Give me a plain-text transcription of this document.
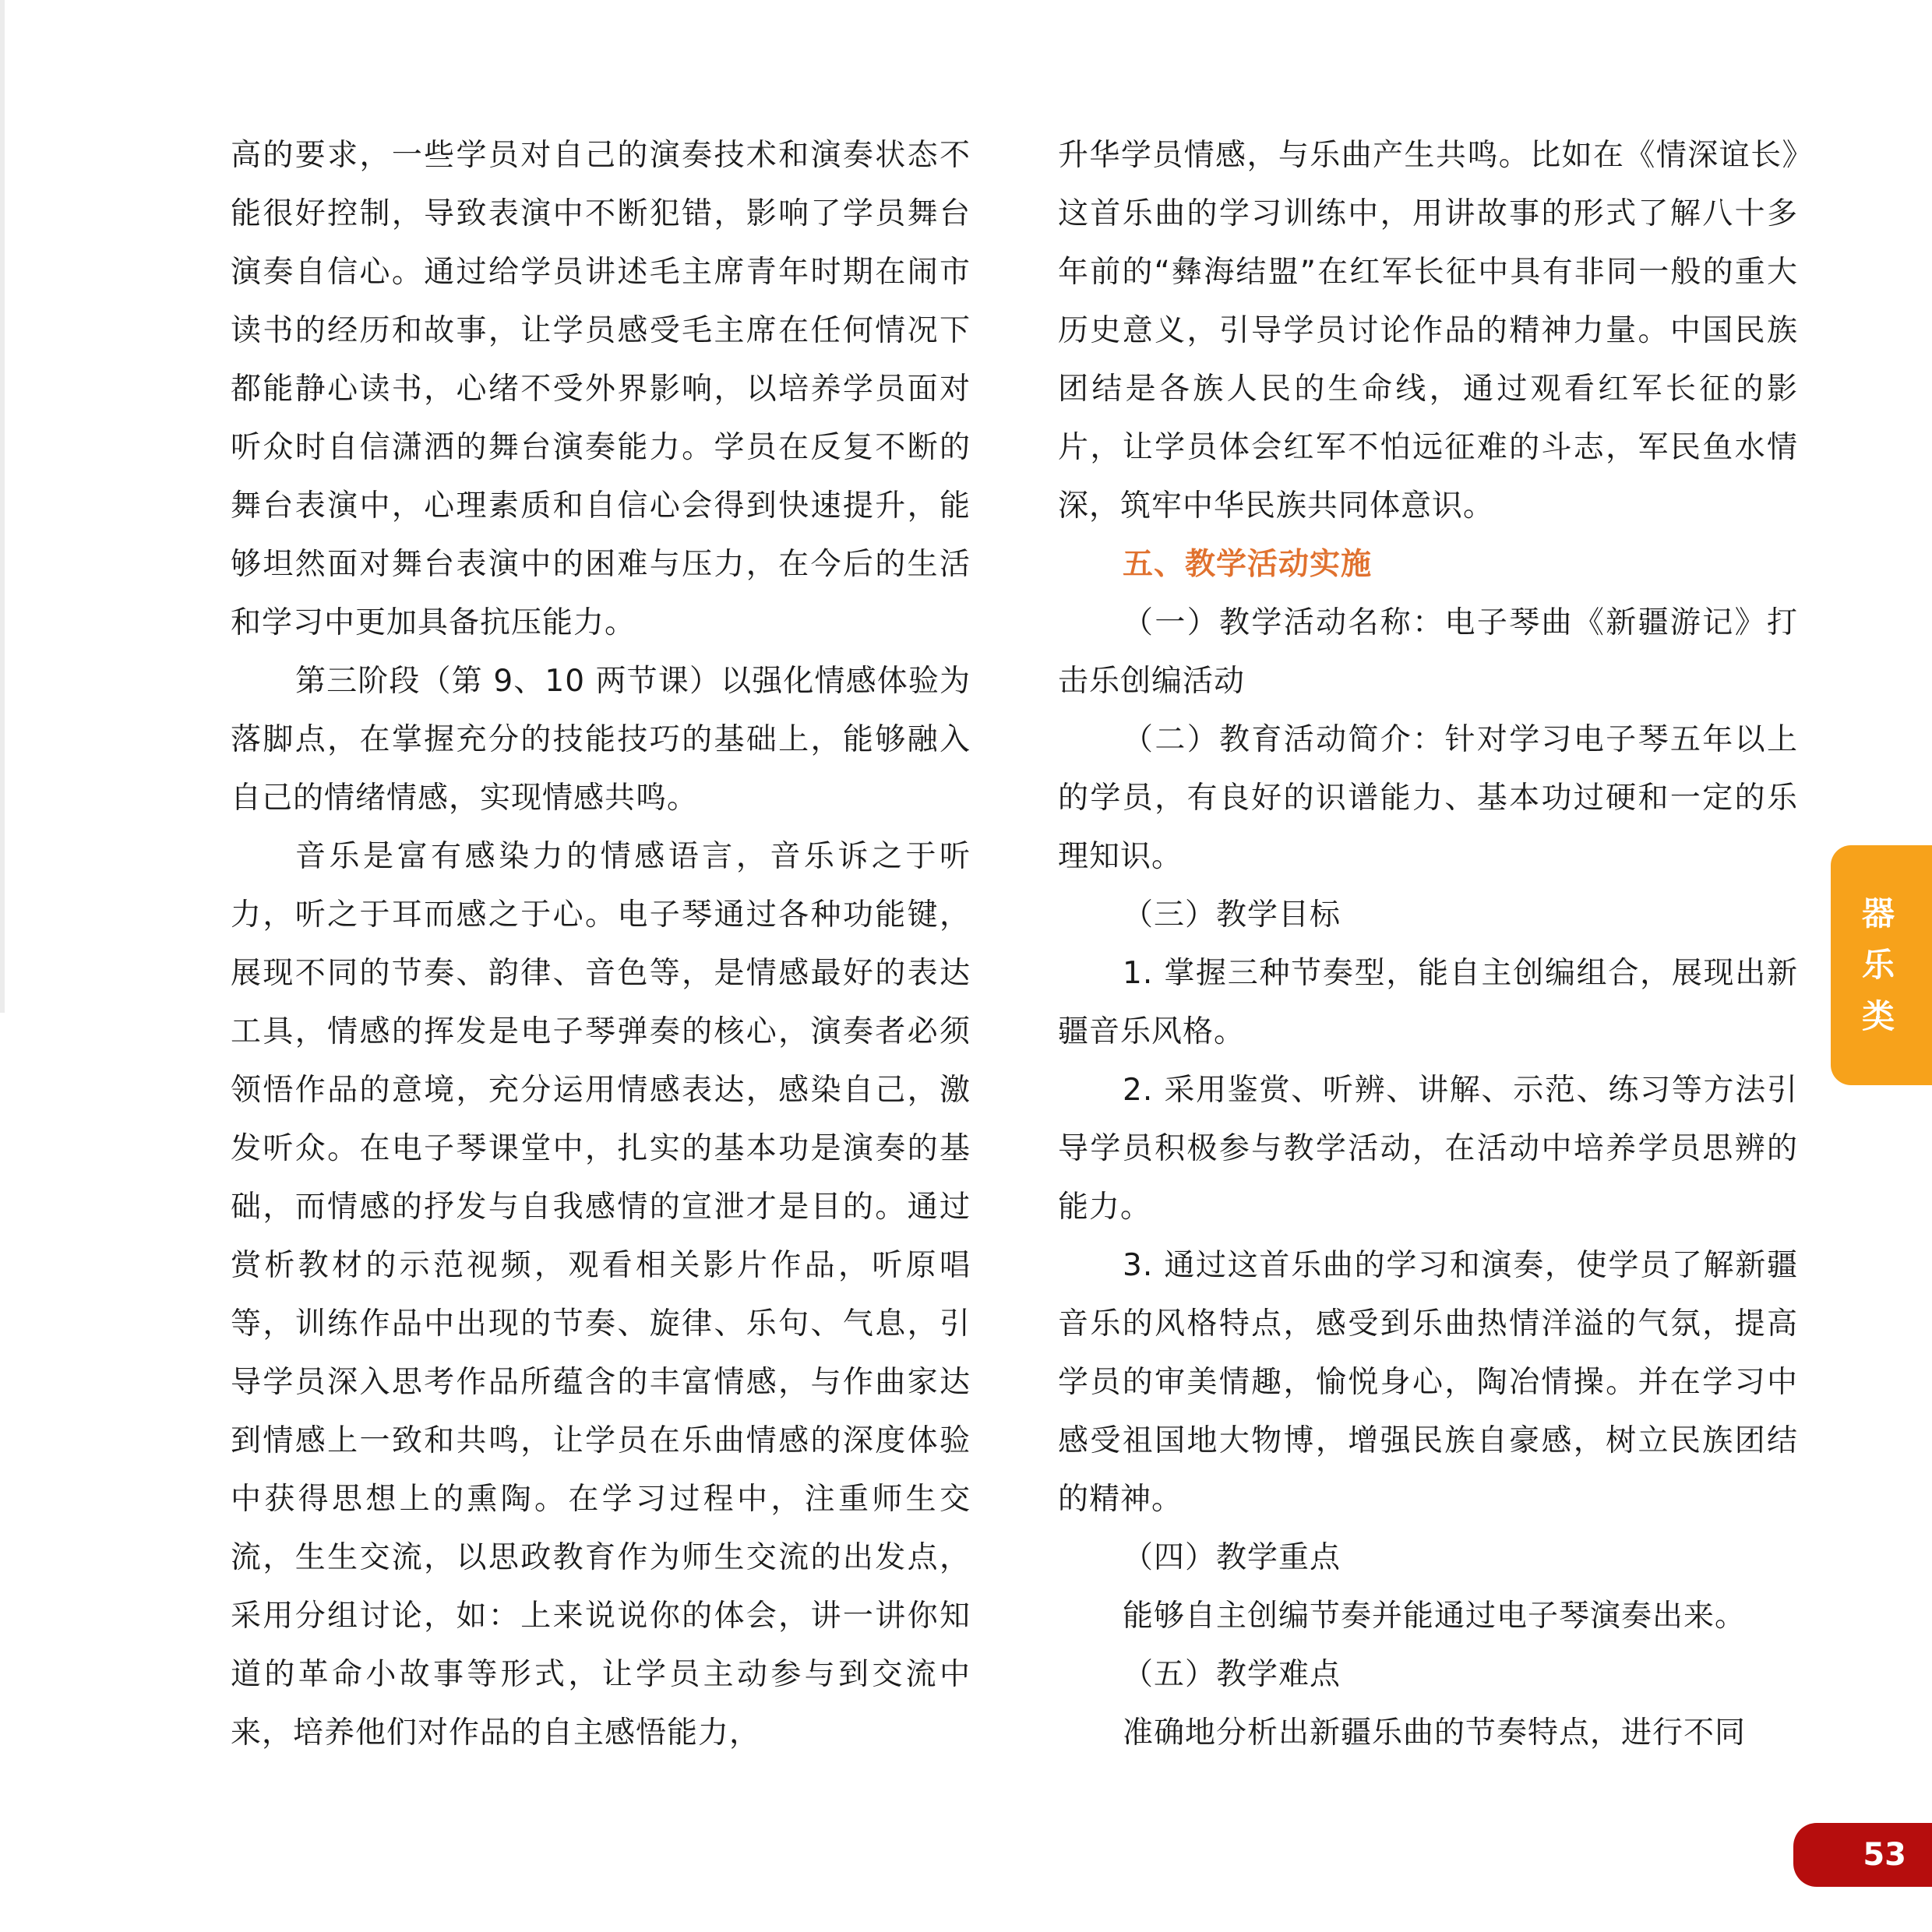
高的要求，一些学员对自己的演奏技术和演奏状态不能很好控制，导致表演中不断犯错，影响了学员舞台演奏自信心。通过给学员讲述毛主席青年时期在闹市读书的经历和故事，让学员感受毛主席在任何情况下都能静心读书，心绪不受外界影响，以培养学员面对听众时自信潇洒的舞台演奏能力。学员在反复不断的舞台表演中，心理素质和自信心会得到快速提升，能够坦然面对舞台表演中的困难与压力，在今后的生活和学习中更加具备抗压能力。

第三阶段（第 9、10 两节课）以强化情感体验为落脚点，在掌握充分的技能技巧的基础上，能够融入自己的情绪情感，实现情感共鸣。

音乐是富有感染力的情感语言，音乐诉之于听力，听之于耳而感之于心。电子琴通过各种功能键，展现不同的节奏、韵律、音色等，是情感最好的表达工具，情感的挥发是电子琴弹奏的核心，演奏者必须领悟作品的意境，充分运用情感表达，感染自己，激发听众。在电子琴课堂中，扎实的基本功是演奏的基础，而情感的抒发与自我感情的宣泄才是目的。通过赏析教材的示范视频，观看相关影片作品，听原唱等，训练作品中出现的节奏、旋律、乐句、气息，引导学员深入思考作品所蕴含的丰富情感，与作曲家达到情感上一致和共鸣，让学员在乐曲情感的深度体验中获得思想上的熏陶。在学习过程中，注重师生交流，生生交流，以思政教育作为师生交流的出发点，采用分组讨论，如：上来说说你的体会，讲一讲你知道的革命小故事等形式，让学员主动参与到交流中来，培养他们对作品的自主感悟能力，

升华学员情感，与乐曲产生共鸣。比如在《情深谊长》这首乐曲的学习训练中，用讲故事的形式了解八十多年前的“彝海结盟”在红军长征中具有非同一般的重大历史意义，引导学员讨论作品的精神力量。中国民族团结是各族人民的生命线，通过观看红军长征的影片，让学员体会红军不怕远征难的斗志，军民鱼水情深，筑牢中华民族共同体意识。

五、教学活动实施

（一）教学活动名称：电子琴曲《新疆游记》打击乐创编活动

（二）教育活动简介：针对学习电子琴五年以上的学员，有良好的识谱能力、基本功过硬和一定的乐理知识。

（三）教学目标

1. 掌握三种节奏型，能自主创编组合，展现出新疆音乐风格。

2. 采用鉴赏、听辨、讲解、示范、练习等方法引导学员积极参与教学活动，在活动中培养学员思辨的能力。

3. 通过这首乐曲的学习和演奏，使学员了解新疆音乐的风格特点，感受到乐曲热情洋溢的气氛，提高学员的审美情趣，愉悦身心，陶冶情操。并在学习中感受祖国地大物博，增强民族自豪感，树立民族团结的精神。

（四）教学重点

能够自主创编节奏并能通过电子琴演奏出来。

（五）教学难点

准确地分析出新疆乐曲的节奏特点，进行不同

器
乐
类
53
